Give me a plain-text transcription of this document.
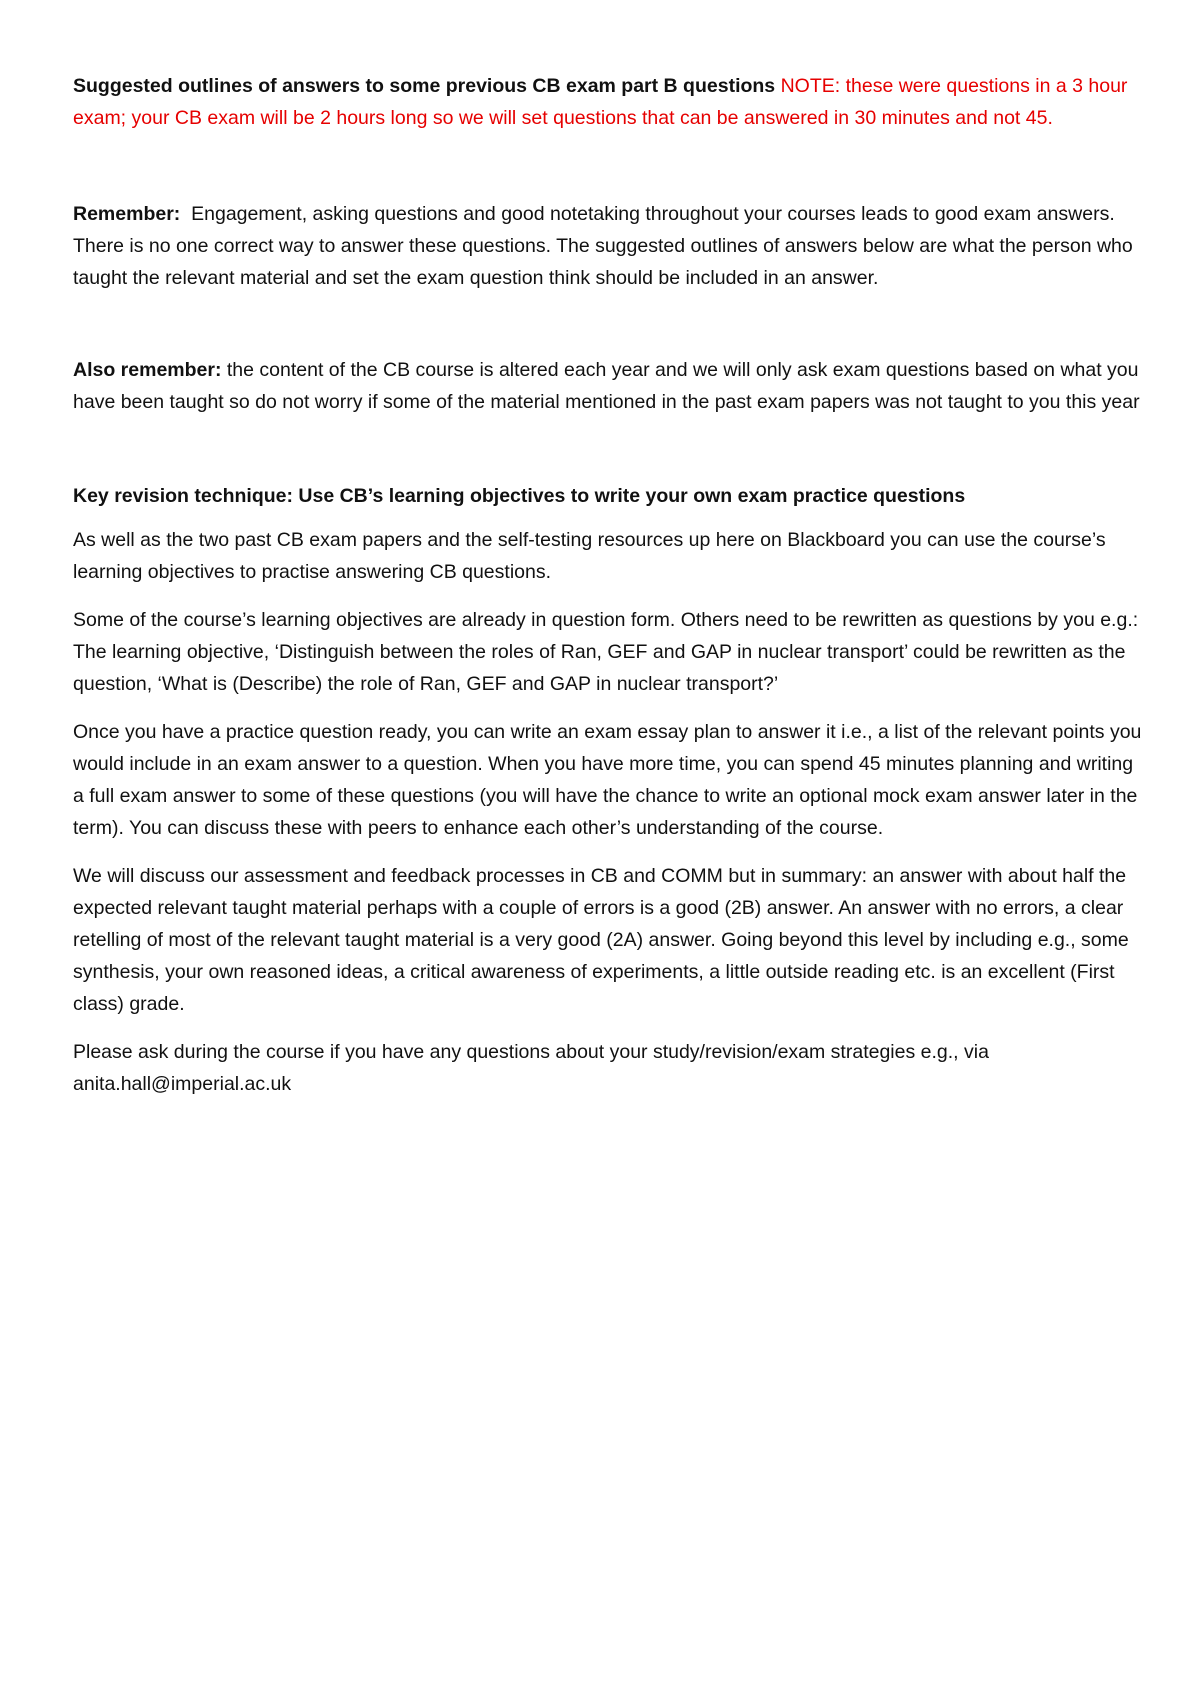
Suggested outlines of answers to some previous CB exam part B questions NOTE: these were questions in a 3 hour exam; your CB exam will be 2 hours long so we will set questions that can be answered in 30 minutes and not 45.

Remember: Engagement, asking questions and good notetaking throughout your courses leads to good exam answers. There is no one correct way to answer these questions. The suggested outlines of answers below are what the person who taught the relevant material and set the exam question think should be included in an answer.

Also remember: the content of the CB course is altered each year and we will only ask exam questions based on what you have been taught so do not worry if some of the material mentioned in the past exam papers was not taught to you this year

Key revision technique: Use CB’s learning objectives to write your own exam practice questions

As well as the two past CB exam papers and the self-testing resources up here on Blackboard you can use the course’s learning objectives to practise answering CB questions.

Some of the course’s learning objectives are already in question form. Others need to be rewritten as questions by you e.g.: The learning objective, ‘Distinguish between the roles of Ran, GEF and GAP in nuclear transport’ could be rewritten as the question, ‘What is (Describe) the role of Ran, GEF and GAP in nuclear transport?’

Once you have a practice question ready, you can write an exam essay plan to answer it i.e., a list of the relevant points you would include in an exam answer to a question. When you have more time, you can spend 45 minutes planning and writing a full exam answer to some of these questions (you will have the chance to write an optional mock exam answer later in the term). You can discuss these with peers to enhance each other’s understanding of the course.

We will discuss our assessment and feedback processes in CB and COMM but in summary: an answer with about half the expected relevant taught material perhaps with a couple of errors is a good (2B) answer. An answer with no errors, a clear retelling of most of the relevant taught material is a very good (2A) answer. Going beyond this level by including e.g., some synthesis, your own reasoned ideas, a critical awareness of experiments, a little outside reading etc. is an excellent (First class) grade.

Please ask during the course if you have any questions about your study/revision/exam strategies e.g., via anita.hall@imperial.ac.uk
